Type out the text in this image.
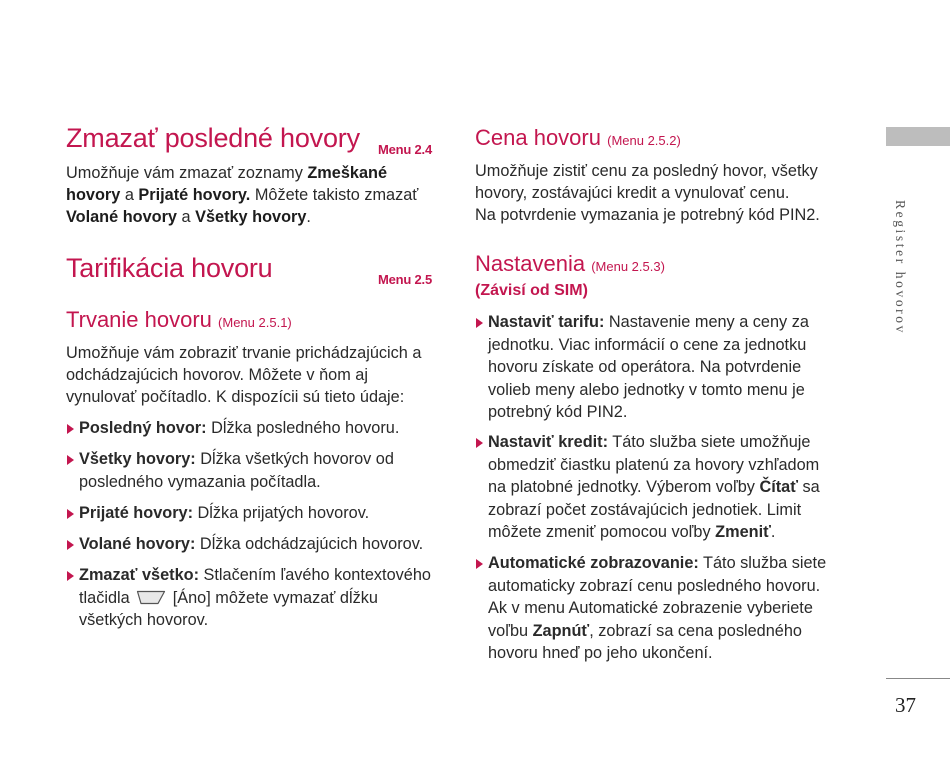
Zmazať posledné hovory Menu 2.4

Umožňuje vám zmazať zoznamy Zmeškané hovory a Prijaté hovory. Môžete takisto zmazať Volané hovory a Všetky hovory.

Tarifikácia hovoru	Menu 2.5
Trvanie hovoru (Menu 2.5.1)

Umožňuje vám zobraziť trvanie prichádzajúcich a odchádzajúcich hovorov. Môžete v ňom aj vynulovať počítadlo. K dispozícii sú tieto údaje:

Posledný hovor: Dĺžka posledného hovoru.
Všetky hovory: Dĺžka všetkých hovorov od posledného vymazania počítadla.
Prijaté hovory: Dĺžka prijatých hovorov.
Volané hovory: Dĺžka odchádzajúcich hovorov.
Zmazať všetko: Stlačením ľavého kontextového tlačidla  [Áno] môžete vymazať dĺžku všetkých hovorov.
Cena hovoru (Menu 2.5.2)

Umožňuje zistiť cenu za posledný hovor, všetky hovory, zostávajúci kredit a vynulovať cenu.
Na potvrdenie vymazania je potrebný kód PIN2.

Nastavenia (Menu 2.5.3)
(Závisí od SIM)
Nastaviť tarifu: Nastavenie meny a ceny za jednotku. Viac informácií o cene za jednotku hovoru získate od operátora. Na potvrdenie volieb meny alebo jednotky v tomto menu je potrebný kód PIN2.
Nastaviť kredit: Táto služba siete umožňuje obmedziť čiastku platenú za hovory vzhľadom na platobné jednotky. Výberom voľby Čítať sa zobrazí počet zostávajúcich jednotiek. Limit môžete zmeniť pomocou voľby Zmeniť.
Automatické zobrazovanie: Táto služba siete automaticky zobrazí cenu posledného hovoru. Ak v menu Automatické zobrazenie vyberiete voľbu Zapnúť, zobrazí sa cena posledného hovoru hneď po jeho ukončení.
Register hovorov
37
